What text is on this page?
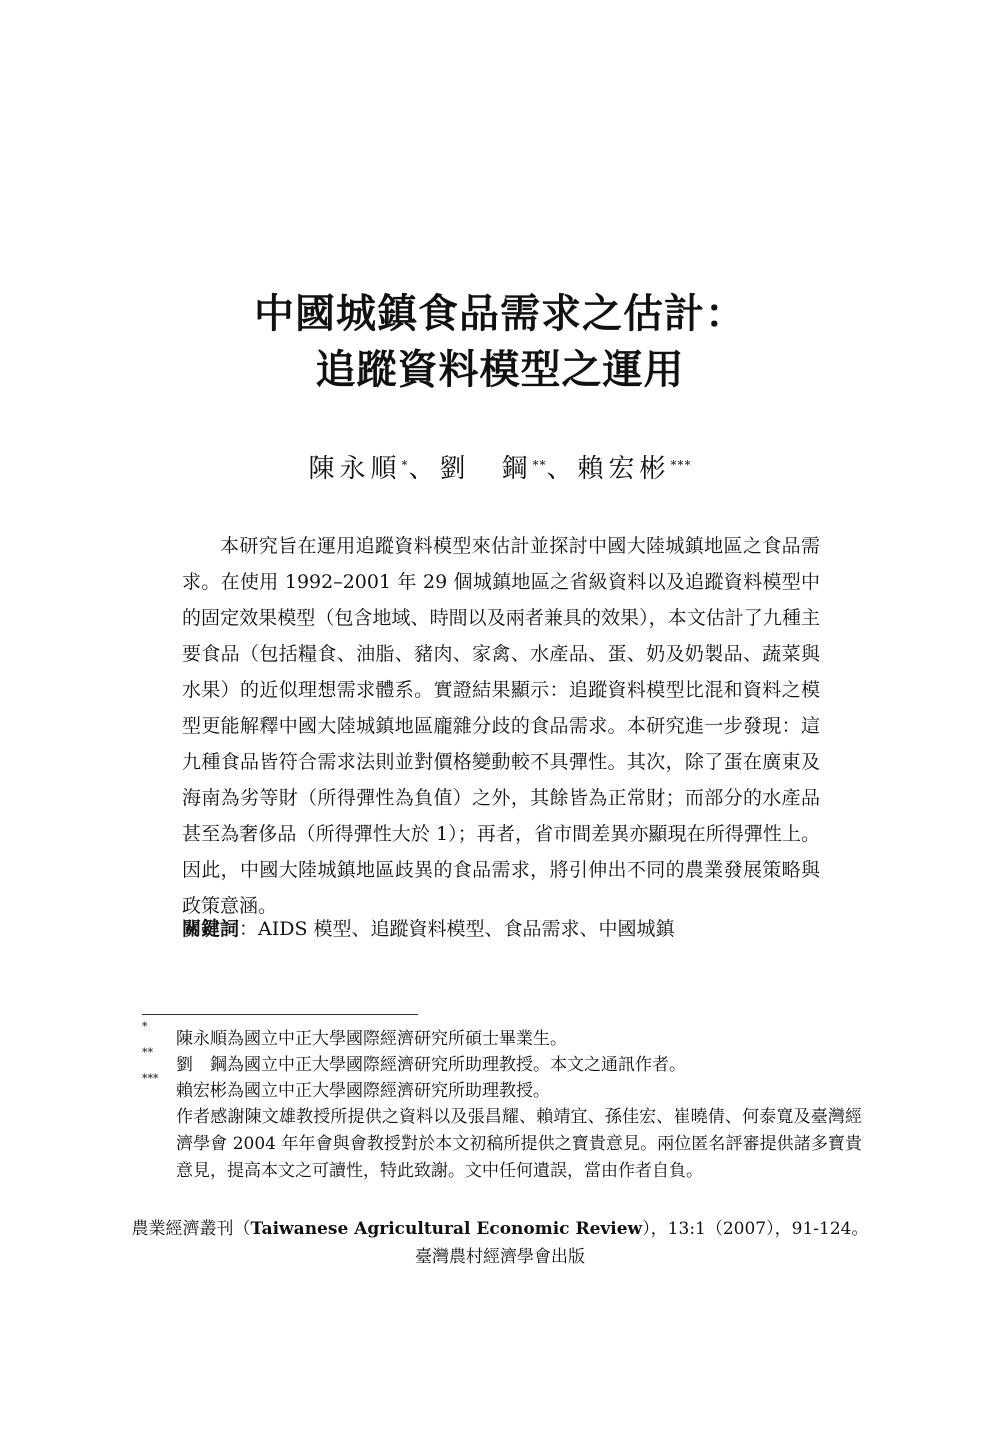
中國城鎮食品需求之估計：
追蹤資料模型之運用
陳永順*、劉　鋼**、賴宏彬***

本研究旨在運用追蹤資料模型來估計並探討中國大陸城鎮地區之食品需求。在使用 1992–2001 年 29 個城鎮地區之省級資料以及追蹤資料模型中的固定效果模型（包含地域、時間以及兩者兼具的效果），本文估計了九種主要食品（包括糧食、油脂、豬肉、家禽、水產品、蛋、奶及奶製品、蔬菜與水果）的近似理想需求體系。實證結果顯示：追蹤資料模型比混和資料之模型更能解釋中國大陸城鎮地區龐雜分歧的食品需求。本研究進一步發現：這九種食品皆符合需求法則並對價格變動較不具彈性。其次，除了蛋在廣東及海南為劣等財（所得彈性為負值）之外，其餘皆為正常財；而部分的水產品甚至為奢侈品（所得彈性大於 1）；再者，省市間差異亦顯現在所得彈性上。因此，中國大陸城鎮地區歧異的食品需求，將引伸出不同的農業發展策略與政策意涵。

關鍵詞：AIDS 模型、追蹤資料模型、食品需求、中國城鎮
*
陳永順為國立中正大學國際經濟研究所碩士畢業生。
**
劉　鋼為國立中正大學國際經濟研究所助理教授。本文之通訊作者。
***
賴宏彬為國立中正大學國際經濟研究所助理教授。
作者感謝陳文雄教授所提供之資料以及張昌耀、賴靖宜、孫佳宏、崔曉倩、何泰寬及臺灣經濟學會 2004 年年會與會教授對於本文初稿所提供之寶貴意見。兩位匿名評審提供諸多寶貴意見，提高本文之可讀性，特此致謝。文中任何遺誤，當由作者自負。
農業經濟叢刊（Taiwanese Agricultural Economic Review），13:1（2007），91-124。
臺灣農村經濟學會出版
